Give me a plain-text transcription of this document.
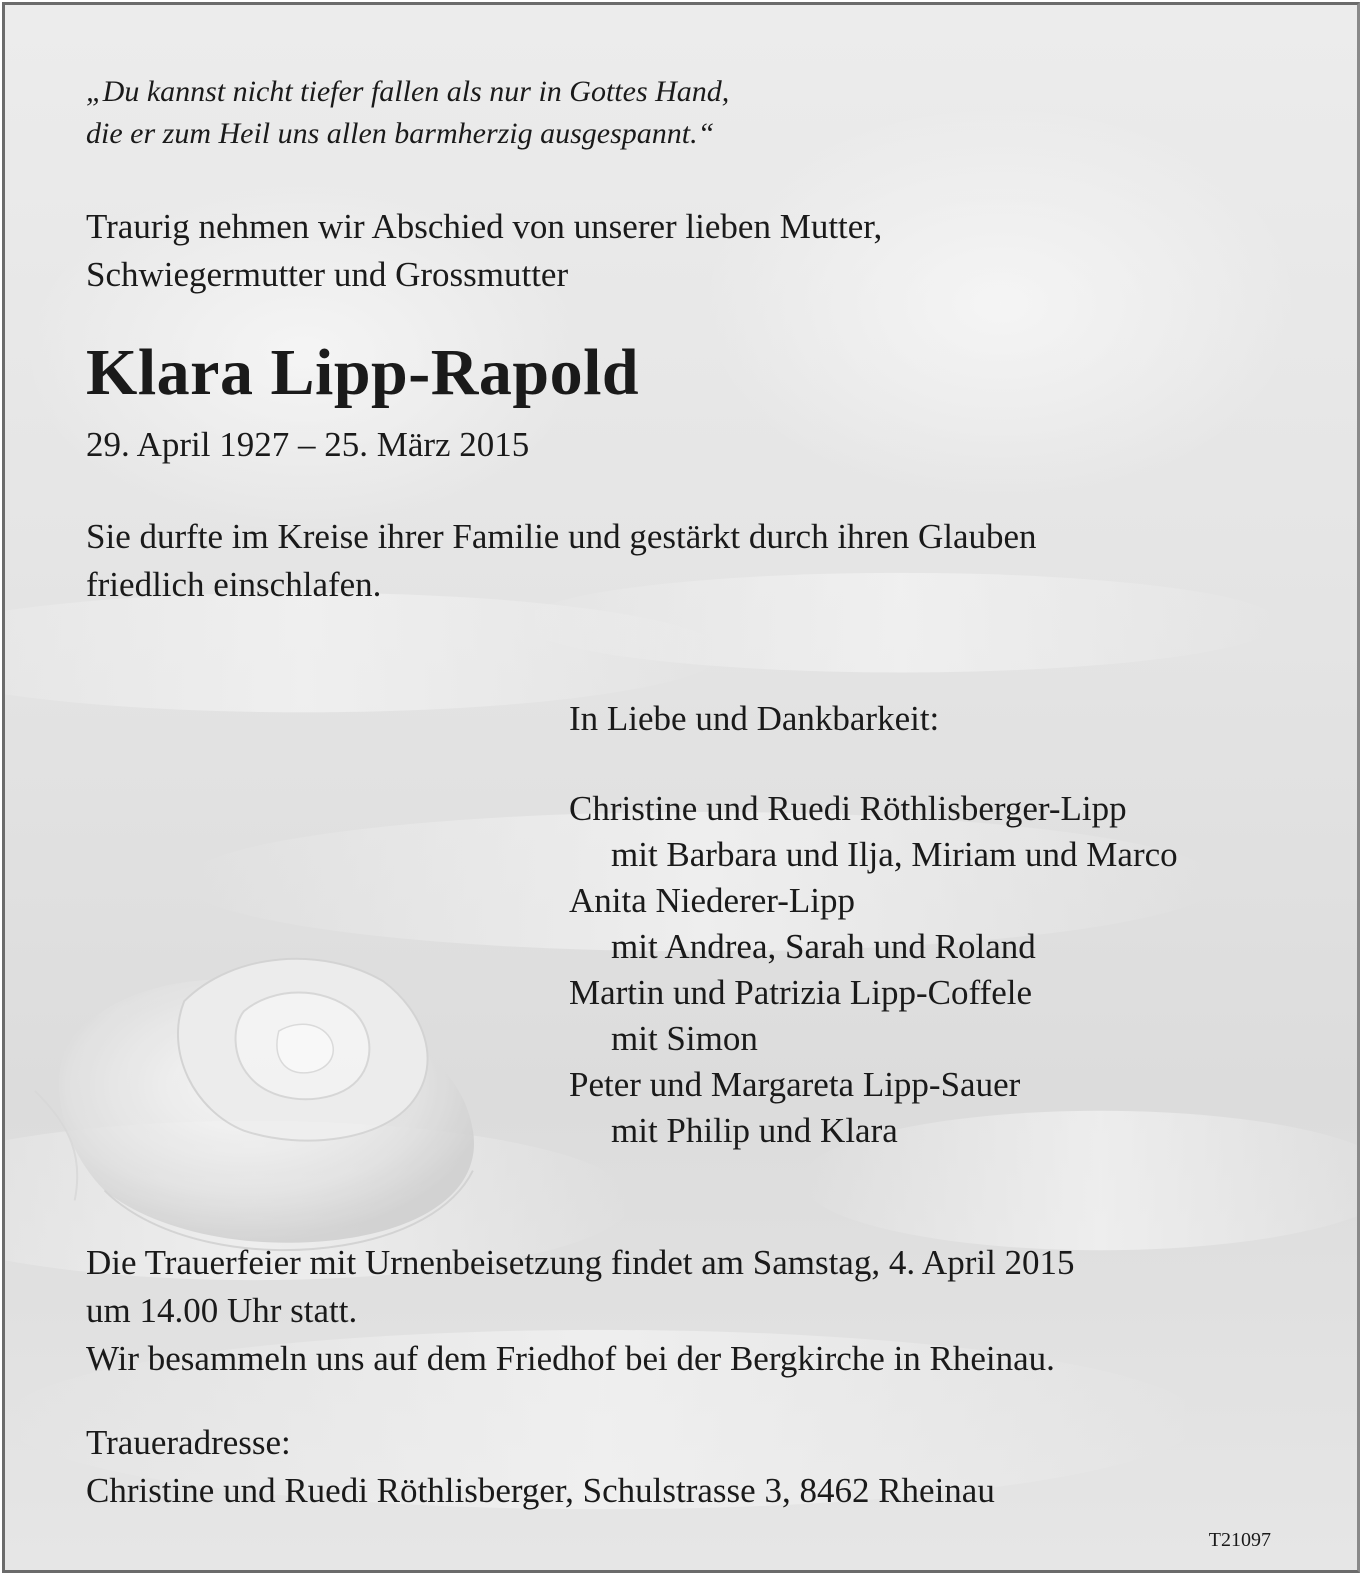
„Du kannst nicht tiefer fallen als nur in Gottes Hand,
die er zum Heil uns allen barmherzig ausgespannt.“
Traurig nehmen wir Abschied von unserer lieben Mutter,
Schwiegermutter und Grossmutter
Klara Lipp-Rapold
29. April 1927 – 25. März 2015
Sie durfte im Kreise ihrer Familie und gestärkt durch ihren Glauben
friedlich einschlafen.
In Liebe und Dankbarkeit:
Christine und Ruedi Röthlisberger-Lipp
mit Barbara und Ilja, Miriam und Marco
Anita Niederer-Lipp
mit Andrea, Sarah und Roland
Martin und Patrizia Lipp-Coffele
mit Simon
Peter und Margareta Lipp-Sauer
mit Philip und Klara
Die Trauerfeier mit Urnenbeisetzung findet am Samstag, 4. April 2015
um 14.00 Uhr statt.
Wir besammeln uns auf dem Friedhof bei der Bergkirche in Rheinau.
Traueradresse:
Christine und Ruedi Röthlisberger, Schulstrasse 3, 8462 Rheinau
T21097
